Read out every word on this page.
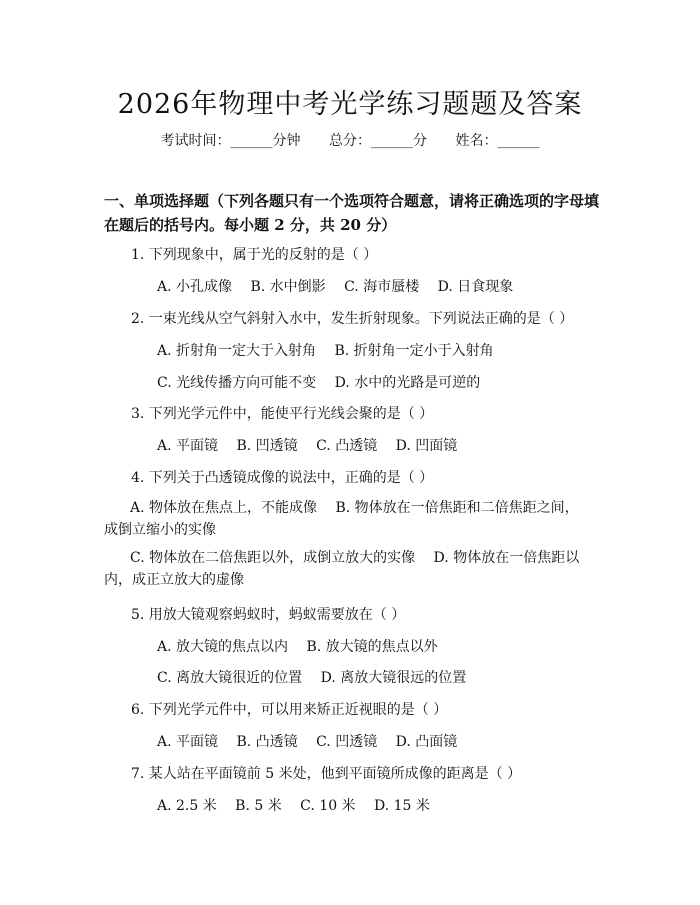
2026年物理中考光学练习题题及答案
考试时间：______分钟 总分：______分 姓名：______
一、单项选择题（下列各题只有一个选项符合题意，请将正确选项的字母填在题后的括号内。每小题 2 分，共 20 分）
1. 下列现象中，属于光的反射的是（ ）
A. 小孔成像　 B. 水中倒影　 C. 海市蜃楼　 D. 日食现象
2. 一束光线从空气斜射入水中，发生折射现象。下列说法正确的是（ ）
A. 折射角一定大于入射角　 B. 折射角一定小于入射角
C. 光线传播方向可能不变　 D. 水中的光路是可逆的
3. 下列光学元件中，能使平行光线会聚的是（ ）
A. 平面镜　 B. 凹透镜　 C. 凸透镜　 D. 凹面镜
4. 下列关于凸透镜成像的说法中，正确的是（ ）
A. 物体放在焦点上，不能成像　 B. 物体放在一倍焦距和二倍焦距之间，成倒立缩小的实像
C. 物体放在二倍焦距以外，成倒立放大的实像　 D. 物体放在一倍焦距以内，成正立放大的虚像
5. 用放大镜观察蚂蚁时，蚂蚁需要放在（ ）
A. 放大镜的焦点以内　 B. 放大镜的焦点以外
C. 离放大镜很近的位置　 D. 离放大镜很远的位置
6. 下列光学元件中，可以用来矫正近视眼的是（ ）
A. 平面镜　 B. 凸透镜　 C. 凹透镜　 D. 凸面镜
7. 某人站在平面镜前 5 米处，他到平面镜所成像的距离是（ ）
A. 2.5 米　 B. 5 米　 C. 10 米　 D. 15 米
